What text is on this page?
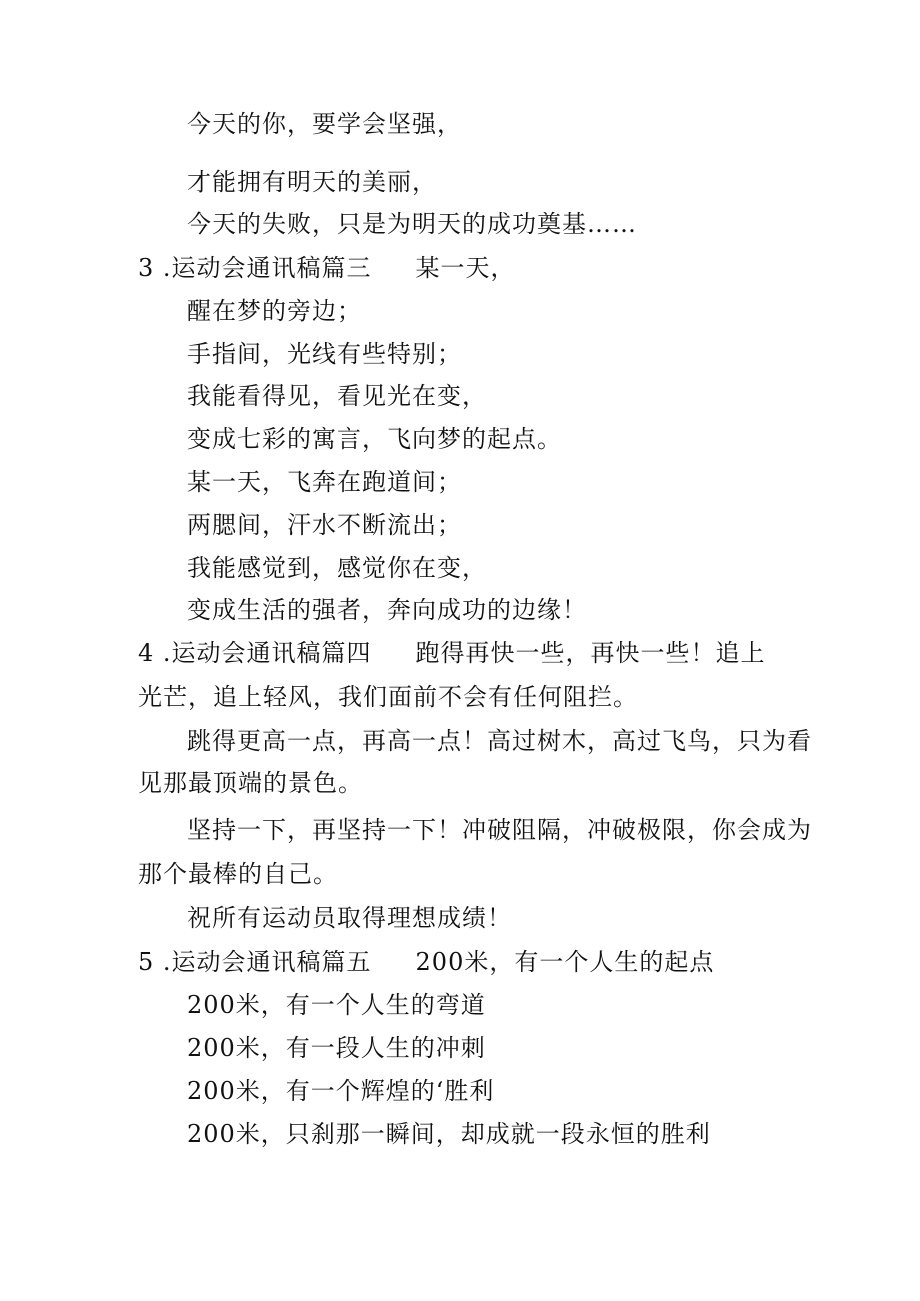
今天的你，要学会坚强，
才能拥有明天的美丽，
今天的失败，只是为明天的成功奠基……
3 .运动会通讯稿篇三 某一天，
醒在梦的旁边；
手指间，光线有些特别；
我能看得见，看见光在变，
变成七彩的寓言，飞向梦的起点。
某一天，飞奔在跑道间；
两腮间，汗水不断流出；
我能感觉到，感觉你在变，
变成生活的强者，奔向成功的边缘！
4 .运动会通讯稿篇四 跑得再快一些，再快一些！追上
光芒，追上轻风，我们面前不会有任何阻拦。
跳得更高一点，再高一点！高过树木，高过飞鸟，只为看
见那最顶端的景色。
坚持一下，再坚持一下！冲破阻隔，冲破极限，你会成为
那个最棒的自己。
祝所有运动员取得理想成绩！
5 .运动会通讯稿篇五 200米，有一个人生的起点
200米，有一个人生的弯道
200米，有一段人生的冲刺
200米，有一个辉煌的‘胜利
200米，只刹那一瞬间，却成就一段永恒的胜利
